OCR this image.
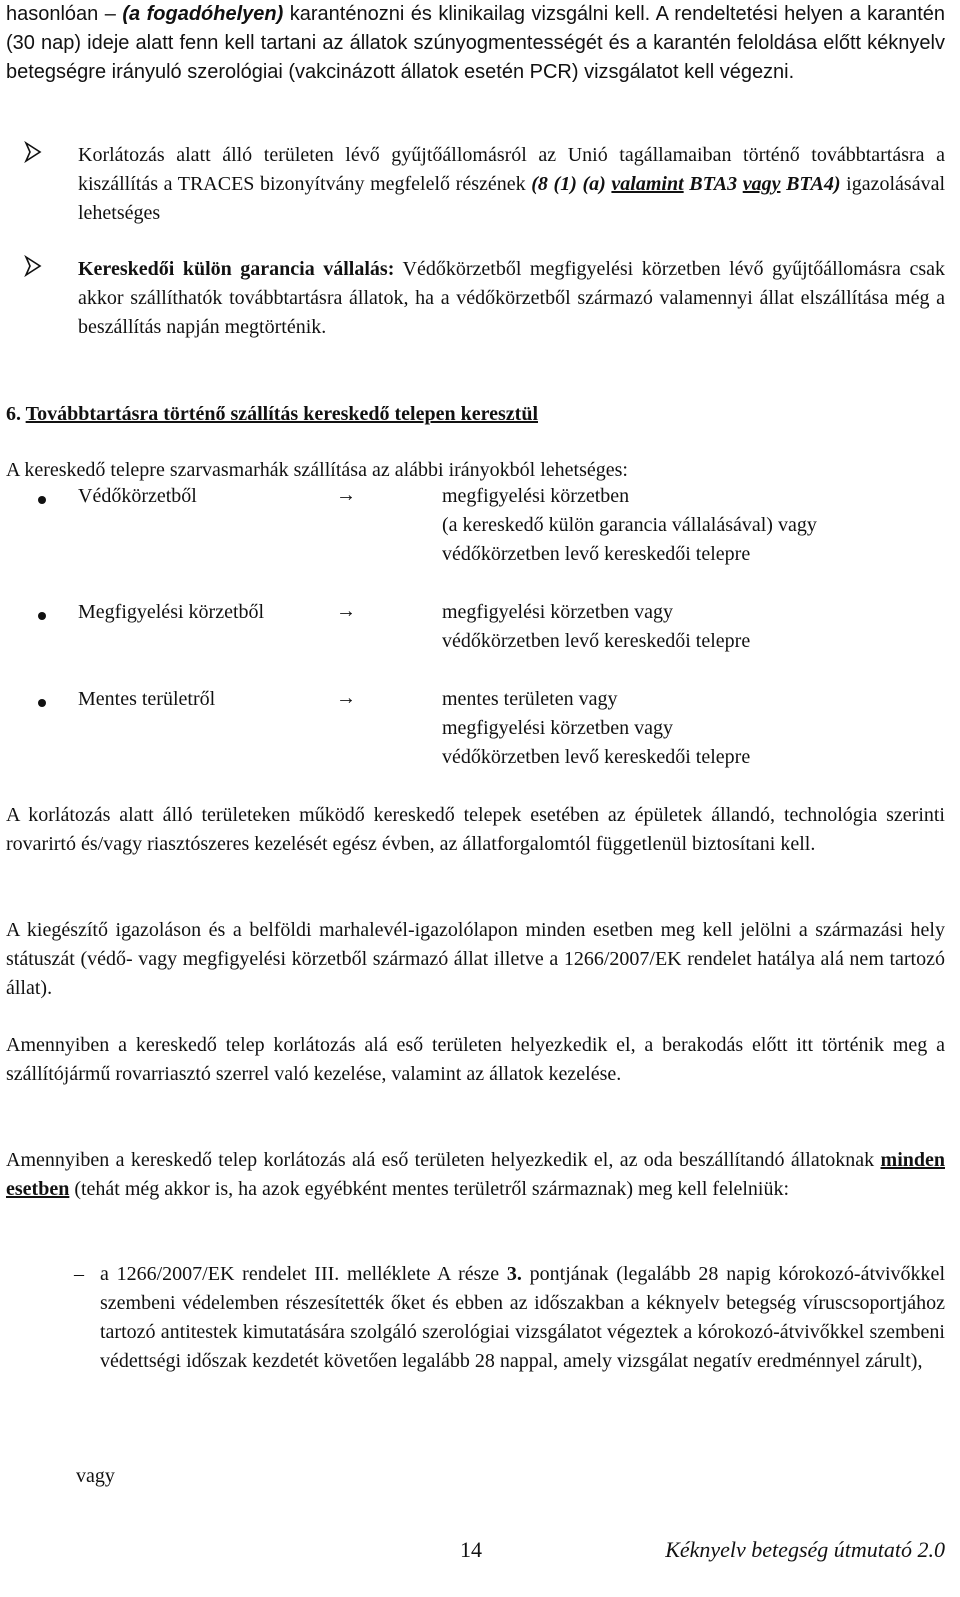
hasonlóan – (a fogadóhelyen) karanténozni és klinikailag vizsgálni kell. A rendeltetési helyen a karantén (30 nap) ideje alatt fenn kell tartani az állatok szúnyogmentességét és a karantén feloldása előtt kéknyelv betegségre irányuló szerológiai (vakcinázott állatok esetén PCR) vizsgálatot kell végezni.

Korlátozás alatt álló területen lévő gyűjtőállomásról az Unió tagállamaiban történő továbbtartásra a kiszállítás a TRACES bizonyítvány megfelelő részének (8 (1) (a) valamint BTA3 vagy BTA4) igazolásával lehetséges

Kereskedői külön garancia vállalás: Védőkörzetből megfigyelési körzetben lévő gyűjtőállomásra csak akkor szállíthatók továbbtartásra állatok, ha a védőkörzetből származó valamennyi állat elszállítása még a beszállítás napján megtörténik.

6. Továbbtartásra történő szállítás kereskedő telepen keresztül

A kereskedő telepre szarvasmarhák szállítása az alábbi irányokból lehetséges:

Védőkörzetből	→	megfigyelési körzetben
(a kereskedő külön garancia vállalásával) vagy
védőkörzetben levő kereskedői telepre
Megfigyelési körzetből	→	megfigyelési körzetben vagy
védőkörzetben levő kereskedői telepre
Mentes területről	→	mentes területen vagy
megfigyelési körzetben vagy
védőkörzetben levő kereskedői telepre

A korlátozás alatt álló területeken működő kereskedő telepek esetében az épületek állandó, technológia szerinti rovarirtó és/vagy riasztószeres kezelését egész évben, az állatforgalomtól függetlenül biztosítani kell.

A kiegészítő igazoláson és a belföldi marhalevél-igazolólapon minden esetben meg kell jelölni a származási hely státuszát (védő- vagy megfigyelési körzetből származó állat illetve a 1266/2007/EK rendelet hatálya alá nem tartozó állat).

Amennyiben a kereskedő telep korlátozás alá eső területen helyezkedik el, a berakodás előtt itt történik meg a szállítójármű rovarriasztó szerrel való kezelése, valamint az állatok kezelése.

Amennyiben a kereskedő telep korlátozás alá eső területen helyezkedik el, az oda beszállítandó állatoknak minden esetben (tehát még akkor is, ha azok egyébként mentes területről származnak) meg kell felelniük:

– a 1266/2007/EK rendelet III. melléklete A része 3. pontjának (legalább 28 napig kórokozó-átvivőkkel szembeni védelemben részesítették őket és ebben az időszakban a kéknyelv betegség víruscsoportjához tartozó antitestek kimutatására szolgáló szerológiai vizsgálatot végeztek a kórokozó-átvivőkkel szembeni védettségi időszak kezdetét követően legalább 28 nappal, amely vizsgálat negatív eredménnyel zárult),

vagy

14	Kéknyelv betegség útmutató 2.0
